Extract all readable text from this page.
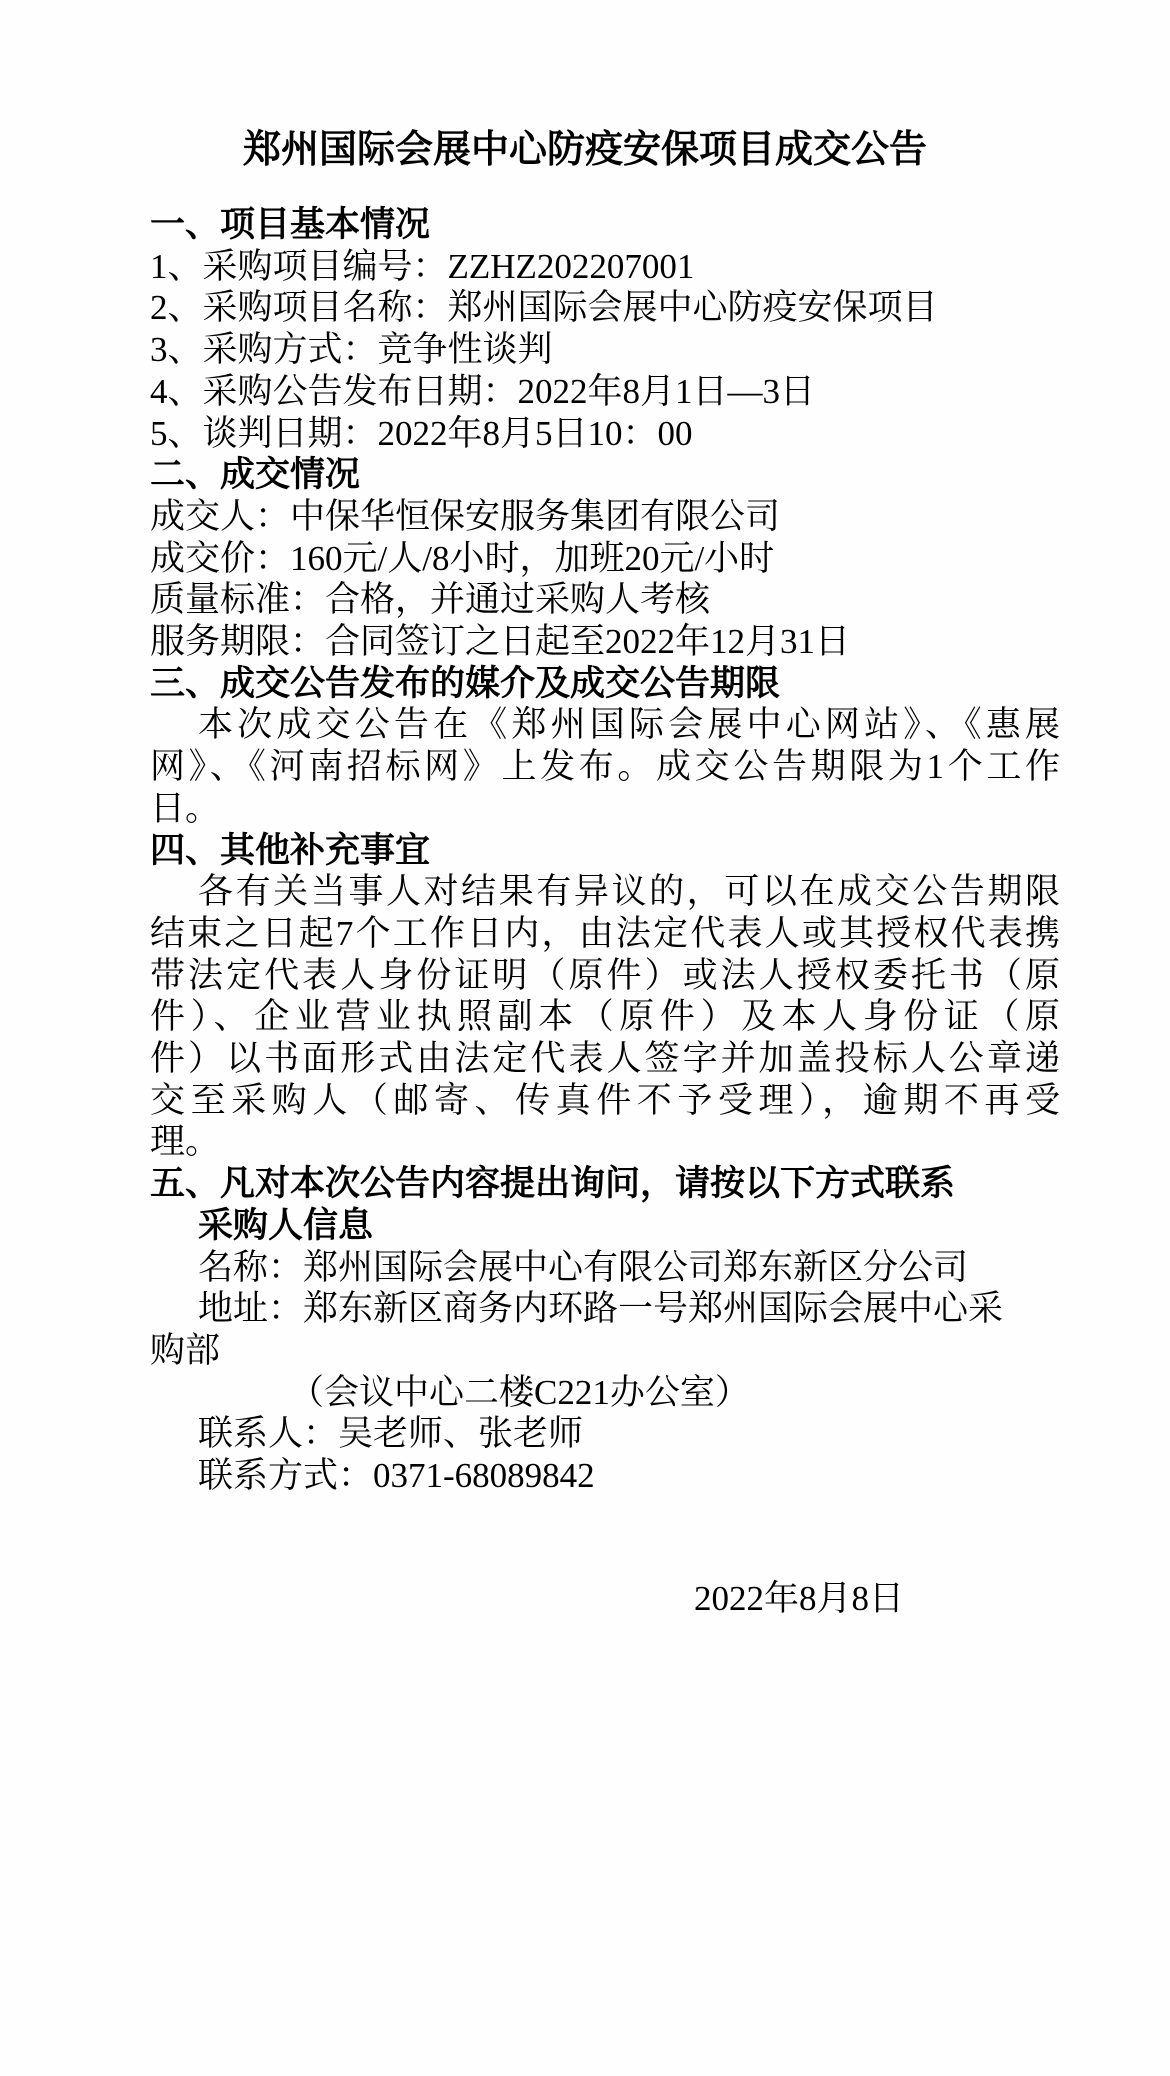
郑州国际会展中心防疫安保项目成交公告
一、项目基本情况
1、采购项目编号：ZZHZ202207001
2、采购项目名称：郑州国际会展中心防疫安保项目
3、采购方式：竞争性谈判
4、采购公告发布日期：2022年8月1日—3日
5、谈判日期：2022年8月5日10：00
二、成交情况
成交人：中保华恒保安服务集团有限公司
成交价：160元/人/8小时，加班20元/小时
质量标准：合格，并通过采购人考核
服务期限：合同签订之日起至2022年12月31日
三、成交公告发布的媒介及成交公告期限
本次成交公告在《郑州国际会展中心网站》、《惠展
网》、《河南招标网》上发布。成交公告期限为1个工作
日。
四、其他补充事宜
各有关当事人对结果有异议的，可以在成交公告期限
结束之日起7个工作日内，由法定代表人或其授权代表携
带法定代表人身份证明（原件）或法人授权委托书（原
件）、企业营业执照副本（原件）及本人身份证（原
件）以书面形式由法定代表人签字并加盖投标人公章递
交至采购人（邮寄、传真件不予受理），逾期不再受
理。
五、凡对本次公告内容提出询问，请按以下方式联系
采购人信息
名称：郑州国际会展中心有限公司郑东新区分公司
地址：郑东新区商务内环路一号郑州国际会展中心采
购部
（会议中心二楼C221办公室）
联系人：吴老师、张老师
联系方式：0371-68089842
2022年8月8日
